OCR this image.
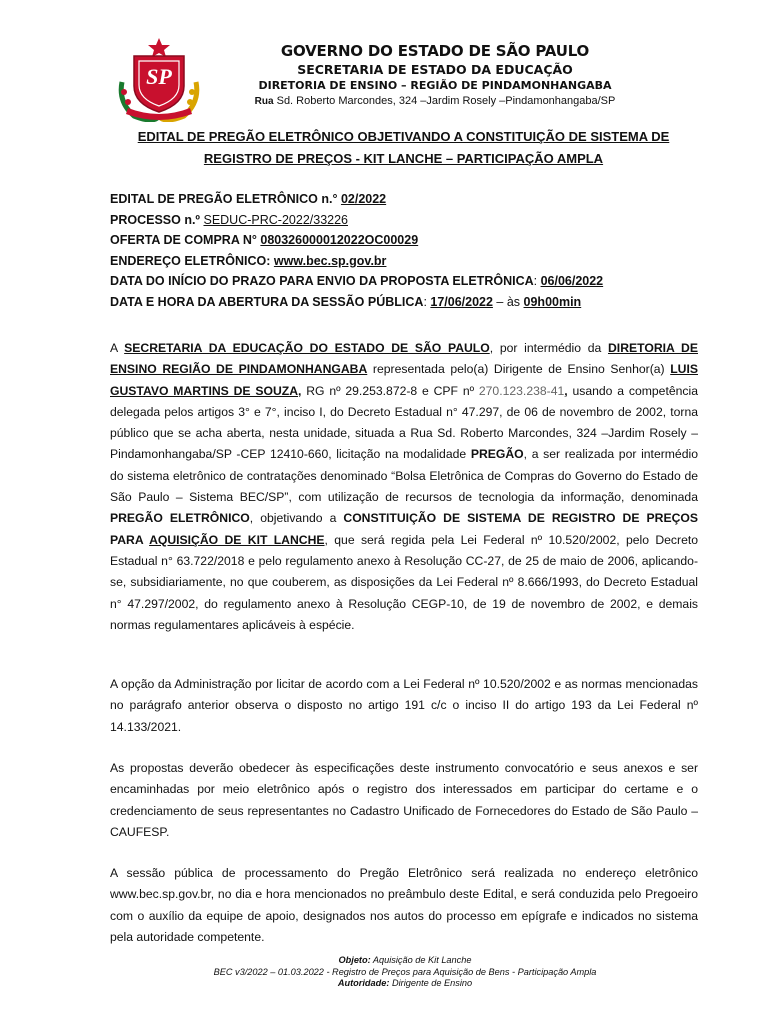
SP
GOVERNO DO ESTADO DE SÃO PAULO
SECRETARIA DE ESTADO DA EDUCAÇÃO
DIRETORIA DE ENSINO – REGIÃO DE PINDAMONHANGABA
Rua Sd. Roberto Marcondes, 324 –Jardim Rosely –Pindamonhangaba/SP
EDITAL DE PREGÃO ELETRÔNICO OBJETIVANDO A CONSTITUIÇÃO DE SISTEMA DE
REGISTRO DE PREÇOS - KIT LANCHE – PARTICIPAÇÃO AMPLA
EDITAL DE PREGÃO ELETRÔNICO n.° 02/2022
PROCESSO n.º SEDUC-PRC-2022/33226
OFERTA DE COMPRA N° 080326000012022OC00029
ENDEREÇO ELETRÔNICO: www.bec.sp.gov.br
DATA DO INÍCIO DO PRAZO PARA ENVIO DA PROPOSTA ELETRÔNICA: 06/06/2022
DATA E HORA DA ABERTURA DA SESSÃO PÚBLICA: 17/06/2022 – às 09h00min
A SECRETARIA DA EDUCAÇÃO DO ESTADO DE SÃO PAULO, por intermédio da DIRETORIA DE ENSINO REGIÃO DE PINDAMONHANGABA representada pelo(a) Dirigente de Ensino Senhor(a) LUIS GUSTAVO MARTINS DE SOUZA, RG nº 29.253.872-8 e CPF nº 270.123.238-41, usando a competência delegada pelos artigos 3° e 7°, inciso I, do Decreto Estadual n° 47.297, de 06 de novembro de 2002, torna público que se acha aberta, nesta unidade, situada a Rua Sd. Roberto Marcondes, 324 –Jardim Rosely –Pindamonhangaba/SP -CEP 12410-660, licitação na modalidade PREGÃO, a ser realizada por intermédio do sistema eletrônico de contratações denominado “Bolsa Eletrônica de Compras do Governo do Estado de São Paulo – Sistema BEC/SP”, com utilização de recursos de tecnologia da informação, denominada PREGÃO ELETRÔNICO, objetivando a CONSTITUIÇÃO DE SISTEMA DE REGISTRO DE PREÇOS PARA AQUISIÇÃO DE KIT LANCHE, que será regida pela Lei Federal nº 10.520/2002, pelo Decreto Estadual n° 63.722/2018 e pelo regulamento anexo à Resolução CC-27, de 25 de maio de 2006, aplicando-se, subsidiariamente, no que couberem, as disposições da Lei Federal nº 8.666/1993, do Decreto Estadual n° 47.297/2002, do regulamento anexo à Resolução CEGP-10, de 19 de novembro de 2002, e demais normas regulamentares aplicáveis à espécie.
A opção da Administração por licitar de acordo com a Lei Federal nº 10.520/2002 e as normas mencionadas no parágrafo anterior observa o disposto no artigo 191 c/c o inciso II do artigo 193 da Lei Federal nº 14.133/2021.
As propostas deverão obedecer às especificações deste instrumento convocatório e seus anexos e ser encaminhadas por meio eletrônico após o registro dos interessados em participar do certame e o credenciamento de seus representantes no Cadastro Unificado de Fornecedores do Estado de São Paulo – CAUFESP.
A sessão pública de processamento do Pregão Eletrônico será realizada no endereço eletrônico www.bec.sp.gov.br, no dia e hora mencionados no preâmbulo deste Edital, e será conduzida pelo Pregoeiro com o auxílio da equipe de apoio, designados nos autos do processo em epígrafe e indicados no sistema pela autoridade competente.
Objeto: Aquisição de Kit Lanche
BEC v3/2022 – 01.03.2022 - Registro de Preços para Aquisição de Bens - Participação Ampla
Autoridade: Dirigente de Ensino
